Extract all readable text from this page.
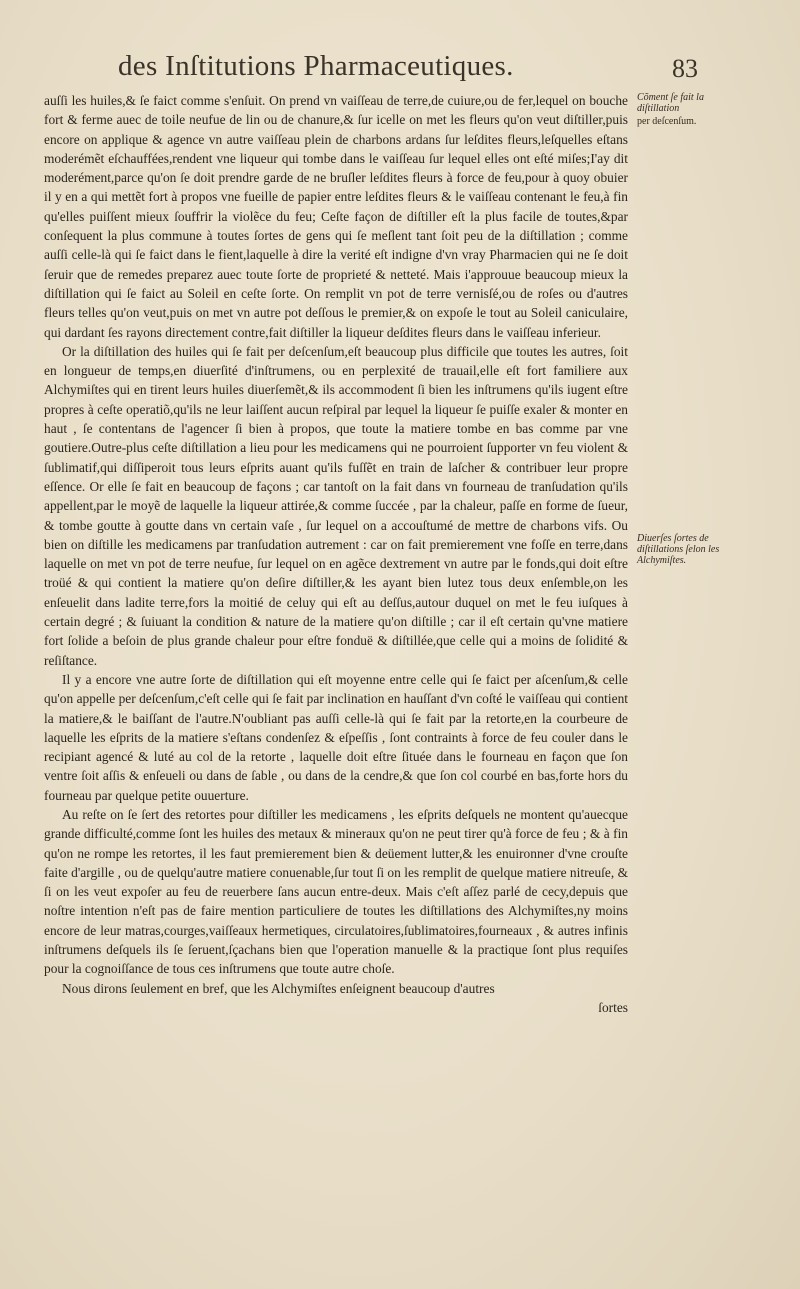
des Inſtitutions Pharmaceutiques.	83

auſſi les huiles,& ſe faict comme s'enſuit. On prend vn vaiſſeau de terre,de cuiure,ou de fer,lequel on bouche fort & ferme auec de toile neufue de lin ou de chanure,& ſur icelle on met les fleurs qu'on veut diſtiller,puis encore on applique & agence vn autre vaiſſeau plein de charbons ardans ſur leſdites fleurs,leſquelles eſtans moderémẽt eſchauffées,rendent vne liqueur qui tombe dans le vaiſſeau ſur lequel elles ont eſté miſes;I'ay dit moderément,parce qu'on ſe doit prendre garde de ne bruſler leſdites fleurs à force de feu,pour à quoy obuier il y en a qui mettẽt fort à propos vne fueille de papier entre leſdites fleurs & le vaiſſeau contenant le feu,à fin qu'elles puiſſent mieux ſouffrir la violẽce du feu; Ceſte façon de diſtiller eſt la plus facile de toutes,&par conſequent la plus commune à toutes ſortes de gens qui ſe meſlent tant ſoit peu de la diſtillation ; comme auſſi celle-là qui ſe faict dans le fient,laquelle à dire la verité eſt indigne d'vn vray Pharmacien qui ne ſe doit ſeruir que de remedes preparez auec toute ſorte de proprieté & netteté. Mais i'approuue beaucoup mieux la diſtillation qui ſe faict au Soleil en ceſte ſorte. On remplit vn pot de terre vernisſé,ou de roſes ou d'autres fleurs telles qu'on veut,puis on met vn autre pot deſſous le premier,& on expoſe le tout au Soleil caniculaire, qui dardant ſes rayons directement contre,fait diſtiller la liqueur deſdites fleurs dans le vaiſſeau inferieur.

Or la diſtillation des huiles qui ſe fait per deſcenſum,eſt beaucoup plus difficile que toutes les autres, ſoit en longueur de temps,en diuerſité d'inſtrumens, ou en perplexité de trauail,elle eſt fort familiere aux Alchymiſtes qui en tirent leurs huiles diuerſemẽt,& ils accommodent ſi bien les inſtrumens qu'ils iugent eſtre propres à ceſte operatiõ,qu'ils ne leur laiſſent aucun reſpiral par lequel la liqueur ſe puiſſe exaler & monter en haut , ſe contentans de l'agencer ſi bien à propos, que toute la matiere tombe en bas comme par vne goutiere.Outre-plus ceſte diſtillation a lieu pour les medicamens qui ne pourroient ſupporter vn feu violent & ſublimatif,qui diſſiperoit tous leurs eſprits auant qu'ils fuſſẽt en train de laſcher & contribuer leur propre eſſence. Or elle ſe fait en beaucoup de façons ; car tantoſt on la fait dans vn fourneau de tranſudation qu'ils appellent,par le moyẽ de laquelle la liqueur attirée,& comme ſuccée , par la chaleur, paſſe en forme de ſueur, & tombe goutte à goutte dans vn certain vaſe , ſur lequel on a accouſtumé de mettre de charbons vifs. Ou bien on diſtille les medicamens par tranſudation autrement : car on fait premierement vne foſſe en terre,dans laquelle on met vn pot de terre neufue, ſur lequel on en agẽce dextrement vn autre par le fonds,qui doit eſtre troüé & qui contient la matiere qu'on deſire diſtiller,& les ayant bien lutez tous deux enſemble,on les enſeuelit dans ladite terre,fors la moitié de celuy qui eſt au deſſus,autour duquel on met le feu iuſques à certain degré ; & ſuiuant la condition & nature de la matiere qu'on diſtille ; car il eſt certain qu'vne matiere fort ſolide a beſoin de plus grande chaleur pour eſtre fonduë & diſtillée,que celle qui a moins de ſolidité & reſiſtance.

Il y a encore vne autre ſorte de diſtillation qui eſt moyenne entre celle qui ſe faict per aſcenſum,& celle qu'on appelle per deſcenſum,c'eſt celle qui ſe fait par inclination en hauſſant d'vn coſté le vaiſſeau qui contient la matiere,& le baiſſant de l'autre.N'oubliant pas auſſi celle-là qui ſe fait par la retorte,en la courbeure de laquelle les eſprits de la matiere s'eſtans condenſez & eſpeſſis , ſont contraints à force de feu couler dans le recipiant agencé & luté au col de la retorte , laquelle doit eſtre ſituée dans le fourneau en façon que ſon ventre ſoit aſſis & enſeueli ou dans de ſable , ou dans de la cendre,& que ſon col courbé en bas,forte hors du fourneau par quelque petite ouuerture.

Au reſte on ſe ſert des retortes pour diſtiller les medicamens , les eſprits deſquels ne montent qu'auecque grande difficulté,comme ſont les huiles des metaux & mineraux qu'on ne peut tirer qu'à force de feu ; & à fin qu'on ne rompe les retortes, il les faut premierement bien & deüement lutter,& les enuironner d'vne crouſte faite d'argille , ou de quelqu'autre matiere conuenable,ſur tout ſi on les remplit de quelque matiere nitreuſe, & ſi on les veut expoſer au feu de reuerbere ſans aucun entre-deux. Mais c'eſt aſſez parlé de cecy,depuis que noſtre intention n'eſt pas de faire mention particuliere de toutes les diſtillations des Alchymiſtes,ny moins encore de leur matras,courges,vaiſſeaux hermetiques, circulatoires,ſublimatoires,fourneaux , & autres infinis inſtrumens deſquels ils ſe ſeruent,ſçachans bien que l'operation manuelle & la practique ſont plus requiſes pour la cognoiſſance de tous ces inſtrumens que toute autre choſe.

Nous dirons ſeulement en bref, que les Alchymiſtes enſeignent beaucoup d'autres

ſortes

Cõment ſe fait la diſtillation
per deſcenſum.
Diuerſes ſortes de diſtillations ſelon les Alchymiſtes.
